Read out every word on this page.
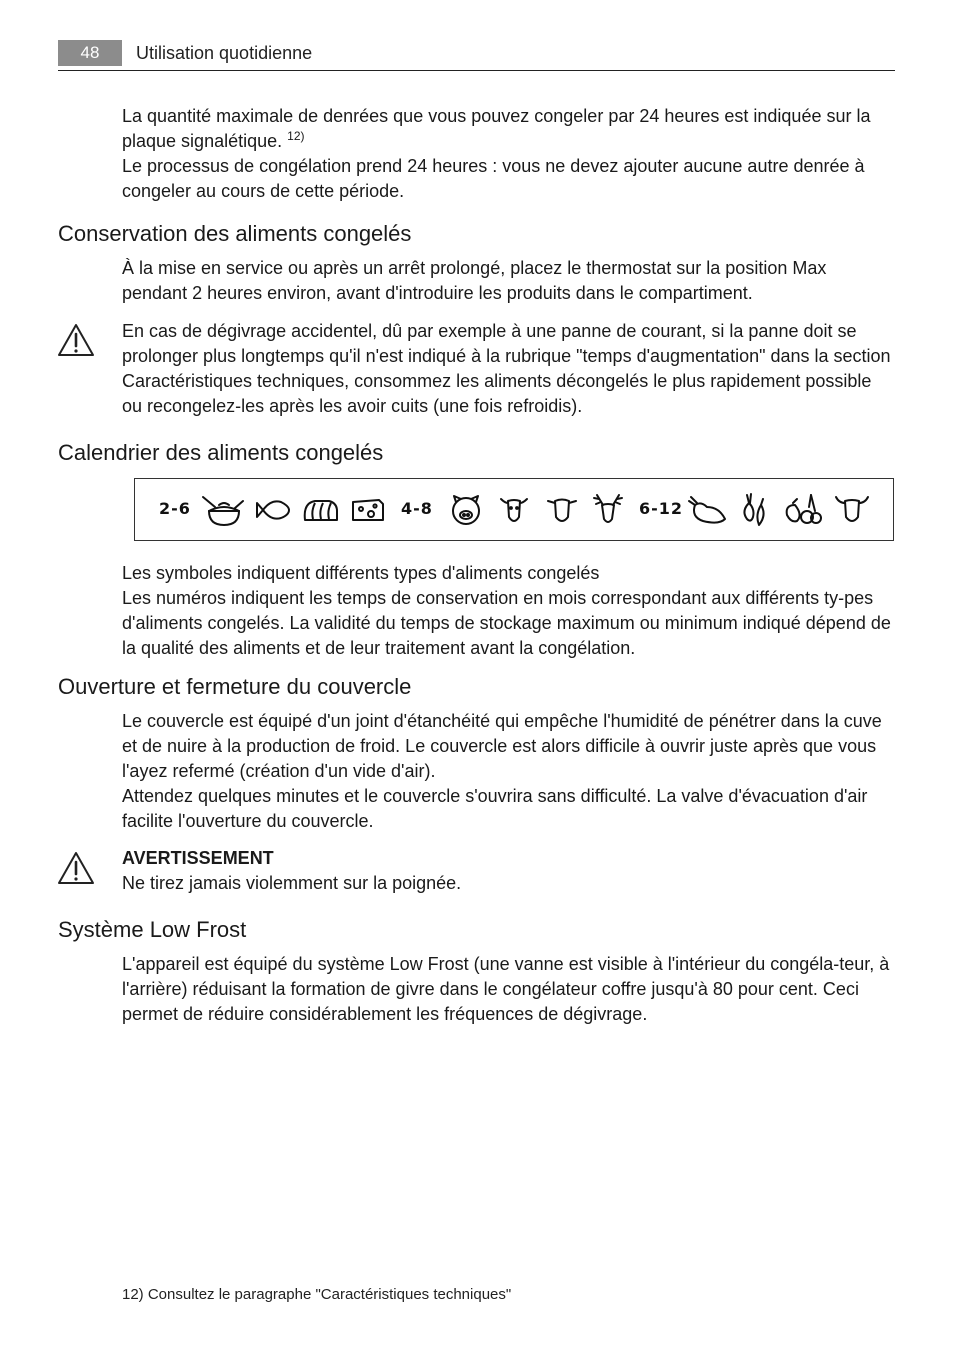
48	Utilisation quotidienne

La quantité maximale de denrées que vous pouvez congeler par 24 heures est indiquée sur la plaque signalétique. $^{12)}$

Le processus de congélation prend 24 heures : vous ne devez ajouter aucune autre denrée à congeler au cours de cette période.

Conservation des aliments congelés
À la mise en service ou après un arrêt prolongé, placez le thermostat sur la position Max pendant 2 heures environ, avant d'introduire les produits dans le compartiment.
En cas de dégivrage accidentel, dû par exemple à une panne de courant, si la panne doit se prolonger plus longtemps qu'il n'est indiqué à la rubrique "temps d'augmentation" dans la section Caractéristiques techniques, consommez les aliments décongelés le plus rapidement possible ou recongelez-les après les avoir cuits (une fois refroidis).
Calendrier des aliments congelés
2-6	4-8	6-12

Les symboles indiquent différents types d'aliments congelés

Les numéros indiquent les temps de conservation en mois correspondant aux différents ty-pes d'aliments congelés. La validité du temps de stockage maximum ou minimum indiqué dépend de la qualité des aliments et de leur traitement avant la congélation.

Ouverture et fermeture du couvercle

Le couvercle est équipé d'un joint d'étanchéité qui empêche l'humidité de pénétrer dans la cuve et de nuire à la production de froid. Le couvercle est alors difficile à ouvrir juste après que vous l'ayez refermé (création d'un vide d'air).

Attendez quelques minutes et le couvercle s'ouvrira sans difficulté. La valve d'évacuation d'air facilite l'ouverture du couvercle.

AVERTISSEMENT

Ne tirez jamais violemment sur la poignée.

Système Low Frost
L'appareil est équipé du système Low Frost (une vanne est visible à l'intérieur du congéla-teur, à l'arrière) réduisant la formation de givre dans le congélateur coffre jusqu'à 80 pour cent. Ceci permet de réduire considérablement les fréquences de dégivrage.
12) Consultez le paragraphe "Caractéristiques techniques"
